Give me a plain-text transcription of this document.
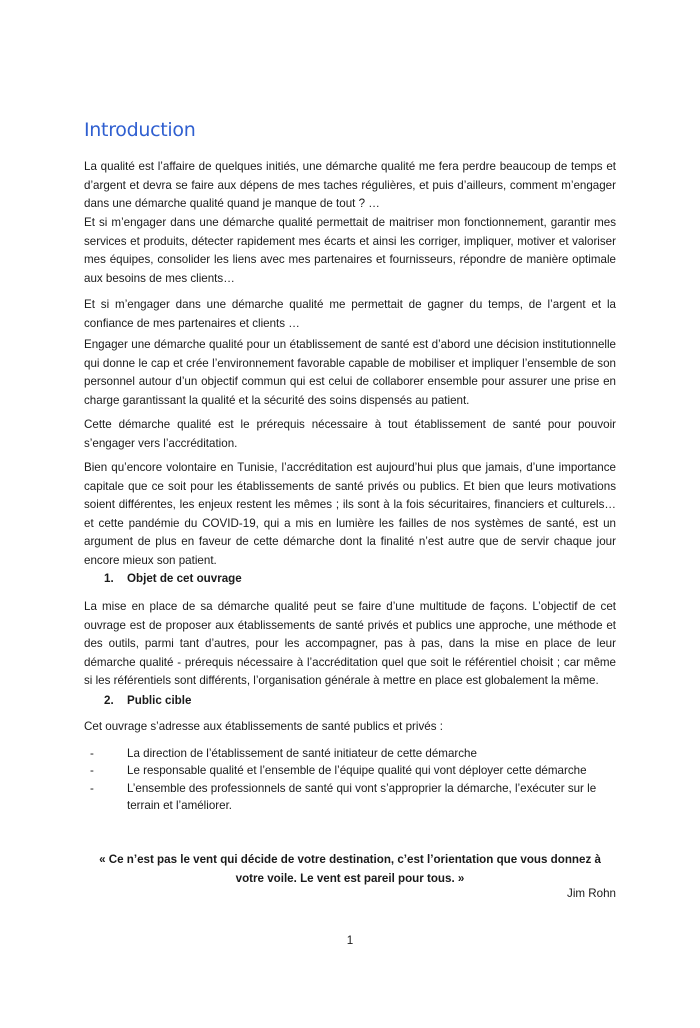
Introduction

La qualité est l’affaire de quelques initiés, une démarche qualité me fera perdre beaucoup de temps et d’argent et devra se faire aux dépens de mes taches régulières, et puis d’ailleurs, comment m’engager dans une démarche qualité quand je manque de tout ? …

Et si m’engager dans une démarche qualité permettait de maitriser mon fonctionnement, garantir mes services et produits, détecter rapidement mes écarts et ainsi les corriger, impliquer, motiver et valoriser mes équipes, consolider les liens avec mes partenaires et fournisseurs, répondre de manière optimale aux besoins de mes clients…

Et si m’engager dans une démarche qualité me permettait de gagner du temps, de l’argent et la confiance de mes partenaires et clients …

Engager une démarche qualité pour un établissement de santé est d’abord une décision institutionnelle qui donne le cap et crée l’environnement favorable capable de mobiliser et impliquer l’ensemble de son personnel autour d’un objectif commun qui est celui de collaborer ensemble pour assurer une prise en charge garantissant la qualité et la sécurité des soins dispensés au patient.

Cette démarche qualité est le prérequis nécessaire à tout établissement de santé pour pouvoir s’engager vers l’accréditation.

Bien qu’encore volontaire en Tunisie, l’accréditation est aujourd’hui plus que jamais, d’une importance capitale que ce soit pour les établissements de santé privés ou publics. Et bien que leurs motivations soient différentes, les enjeux restent les mêmes ; ils sont à la fois sécuritaires, financiers et culturels… et cette pandémie du COVID-19, qui a mis en lumière les failles de nos systèmes de santé, est un argument de plus en faveur de cette démarche dont la finalité n’est autre que de servir chaque jour encore mieux son patient.

1. Objet de cet ouvrage

La mise en place de sa démarche qualité peut se faire d’une multitude de façons. L’objectif de cet ouvrage est de proposer aux établissements de santé privés et publics une approche, une méthode et des outils, parmi tant d’autres, pour les accompagner, pas à pas, dans la mise en place de leur démarche qualité - prérequis nécessaire à l’accréditation quel que soit le référentiel choisit ; car même si les référentiels sont différents, l’organisation générale à mettre en place est globalement la même.

2. Public cible

Cet ouvrage s’adresse aux établissements de santé publics et privés :

-	La direction de l’établissement de santé initiateur de cette démarche
-	Le responsable qualité et l’ensemble de l’équipe qualité qui vont déployer cette démarche
-	L’ensemble des professionnels de santé qui vont s’approprier la démarche, l’exécuter sur le terrain et l’améliorer.
« Ce n’est pas le vent qui décide de votre destination, c’est l’orientation que vous donnez à votre voile. Le vent est pareil pour tous. »
Jim Rohn
1
